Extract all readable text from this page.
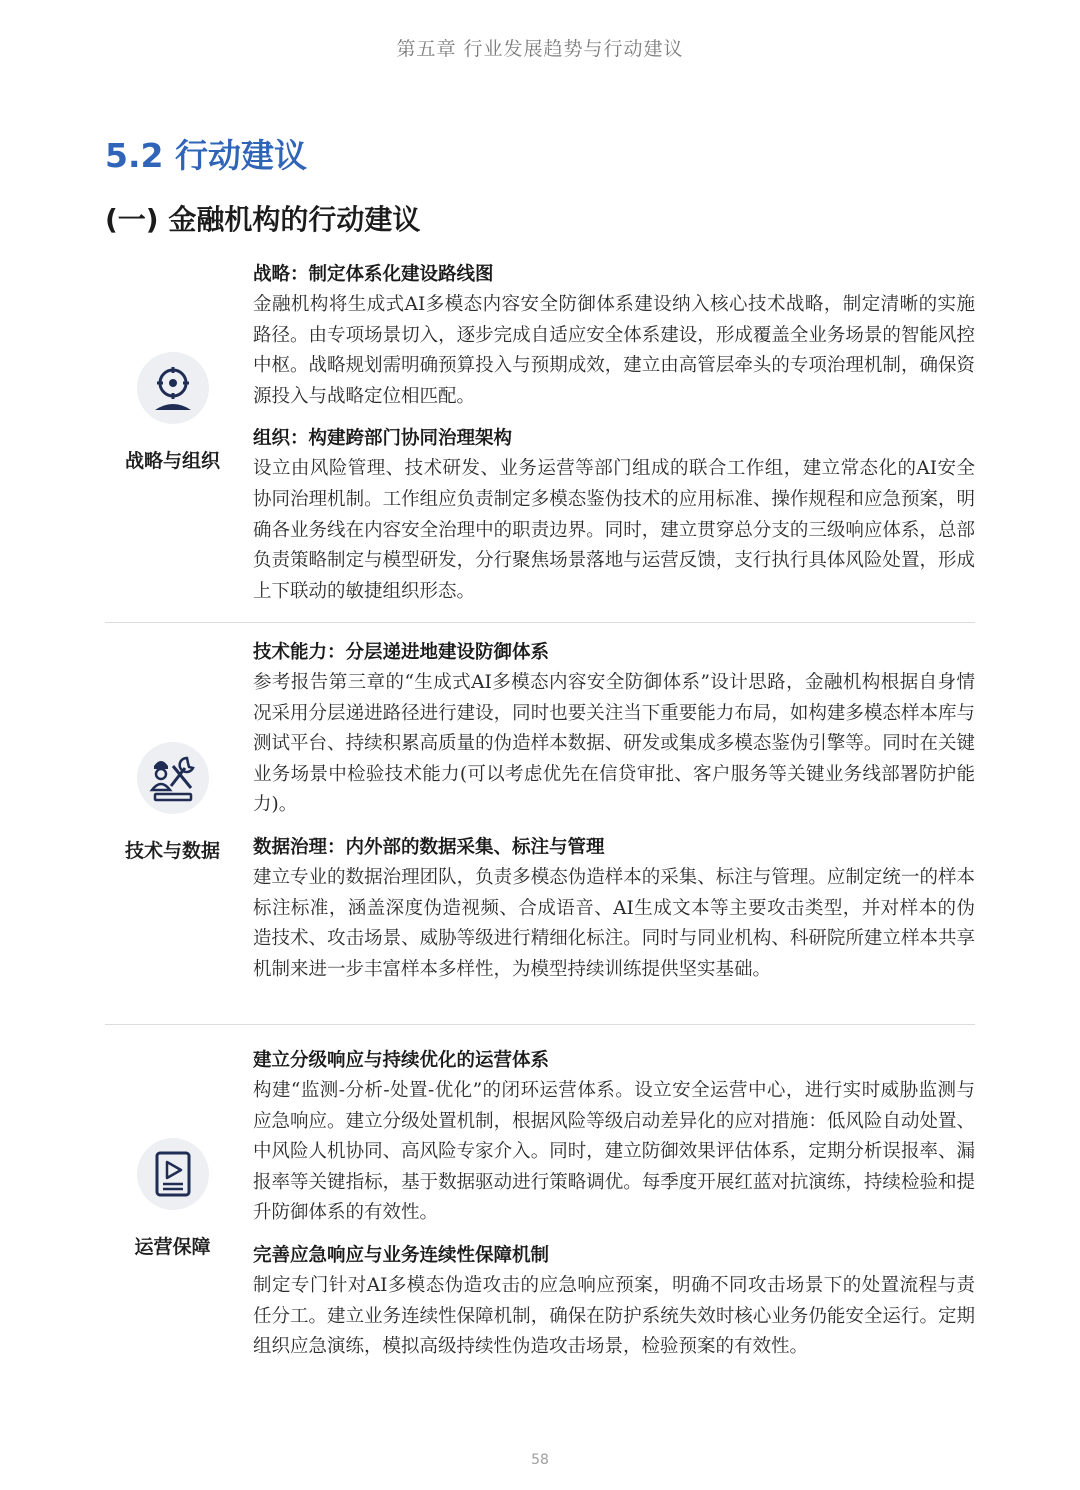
第五章 行业发展趋势与行动建议
5.2 行动建议
(一) 金融机构的行动建议
战略与组织
战略：制定体系化建设路线图
金融机构将生成式AI多模态内容安全防御体系建设纳入核心技术战略，制定清晰的实施路径。由专项场景切入，逐步完成自适应安全体系建设，形成覆盖全业务场景的智能风控中枢。战略规划需明确预算投入与预期成效，建立由高管层牵头的专项治理机制，确保资源投入与战略定位相匹配。
组织：构建跨部门协同治理架构
设立由风险管理、技术研发、业务运营等部门组成的联合工作组，建立常态化的AI安全协同治理机制。工作组应负责制定多模态鉴伪技术的应用标准、操作规程和应急预案，明确各业务线在内容安全治理中的职责边界。同时，建立贯穿总分支的三级响应体系，总部负责策略制定与模型研发，分行聚焦场景落地与运营反馈，支行执行具体风险处置，形成上下联动的敏捷组织形态。
技术与数据
技术能力：分层递进地建设防御体系
参考报告第三章的“生成式AI多模态内容安全防御体系”设计思路，金融机构根据自身情况采用分层递进路径进行建设，同时也要关注当下重要能力布局，如构建多模态样本库与测试平台、持续积累高质量的伪造样本数据、研发或集成多模态鉴伪引擎等。同时在关键业务场景中检验技术能力(可以考虑优先在信贷审批、客户服务等关键业务线部署防护能力)。
数据治理：内外部的数据采集、标注与管理
建立专业的数据治理团队，负责多模态伪造样本的采集、标注与管理。应制定统一的样本标注标准，涵盖深度伪造视频、合成语音、AI生成文本等主要攻击类型，并对样本的伪造技术、攻击场景、威胁等级进行精细化标注。同时与同业机构、科研院所建立样本共享机制来进一步丰富样本多样性，为模型持续训练提供坚实基础。
运营保障
建立分级响应与持续优化的运营体系
构建“监测-分析-处置-优化”的闭环运营体系。设立安全运营中心，进行实时威胁监测与应急响应。建立分级处置机制，根据风险等级启动差异化的应对措施：低风险自动处置、中风险人机协同、高风险专家介入。同时，建立防御效果评估体系，定期分析误报率、漏报率等关键指标，基于数据驱动进行策略调优。每季度开展红蓝对抗演练，持续检验和提升防御体系的有效性。
完善应急响应与业务连续性保障机制
制定专门针对AI多模态伪造攻击的应急响应预案，明确不同攻击场景下的处置流程与责任分工。建立业务连续性保障机制，确保在防护系统失效时核心业务仍能安全运行。定期组织应急演练，模拟高级持续性伪造攻击场景，检验预案的有效性。
58
